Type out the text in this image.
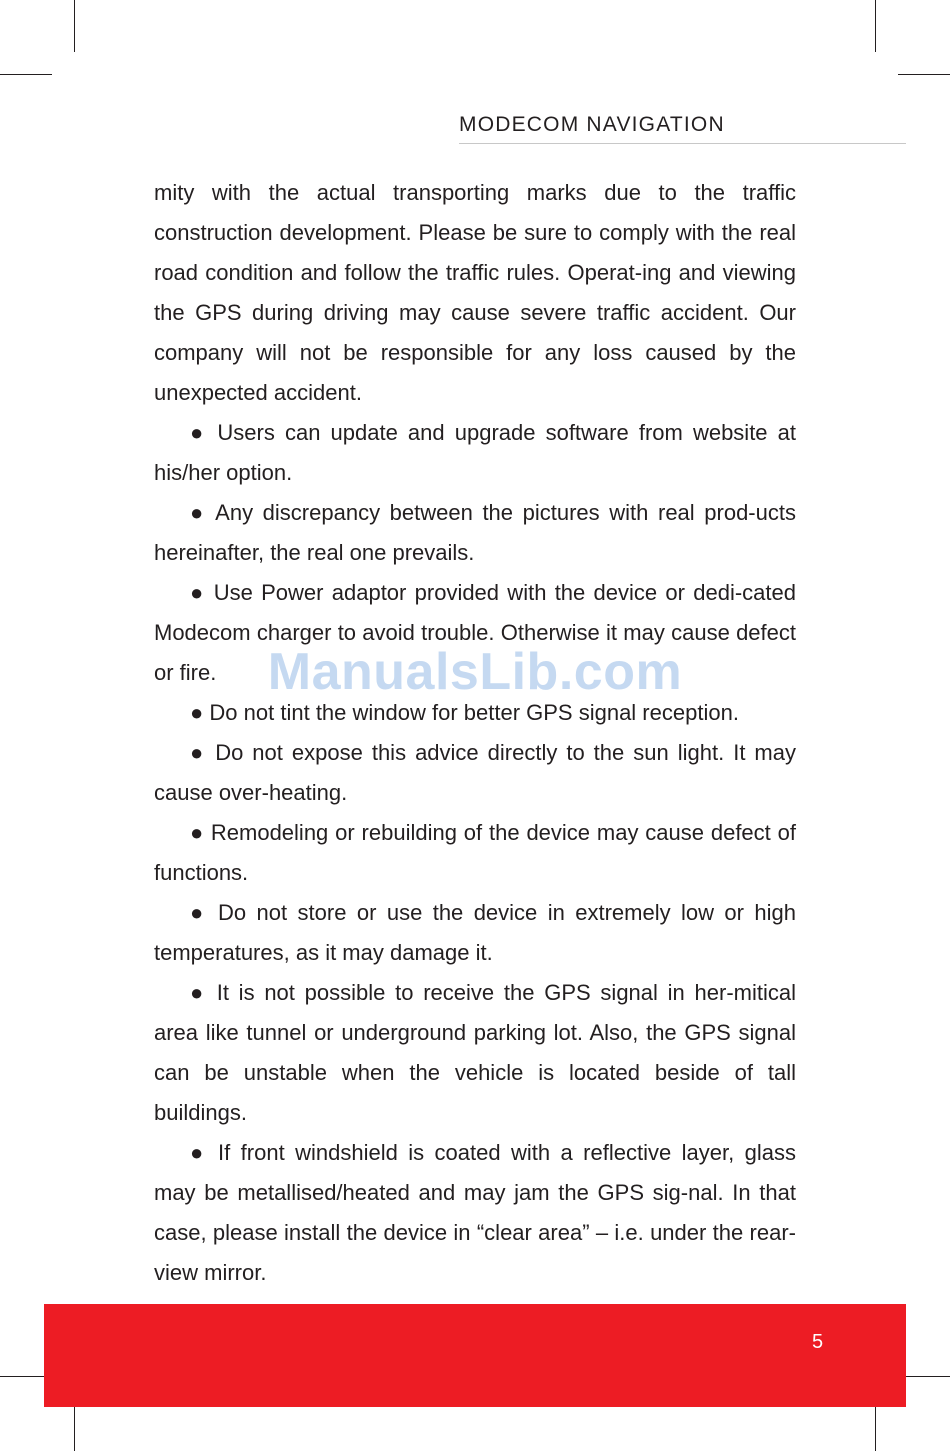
MODECOM NAVIGATION

mity with the actual transporting marks due to the traffic construction development. Please be sure to comply with the real road condition and follow the traffic rules. Operat-ing and viewing the GPS during driving may cause severe traffic accident. Our company will not be responsible for any loss caused by the unexpected accident.

● Users can update and upgrade software from website at his/her option.

● Any discrepancy between the pictures with real prod-ucts hereinafter, the real one prevails.

● Use Power adaptor provided with the device or dedi-cated Modecom charger to avoid trouble. Otherwise it may cause defect or fire.

● Do not tint the window for better GPS signal reception.

● Do not expose this advice directly to the sun light. It may cause over-heating.

● Remodeling or rebuilding of the device may cause defect of functions.

● Do not store or use the device in extremely low or high temperatures, as it may damage it.

● It is not possible to receive the GPS signal in her-mitical area like tunnel or underground parking lot. Also, the GPS signal can be unstable when the vehicle is located beside of tall buildings.

● If front windshield is coated with a reflective layer, glass may be metallised/heated and may jam the GPS sig-nal. In that case, please install the device in “clear area” – i.e. under the rear-view mirror.

ManualsLib.com
5
